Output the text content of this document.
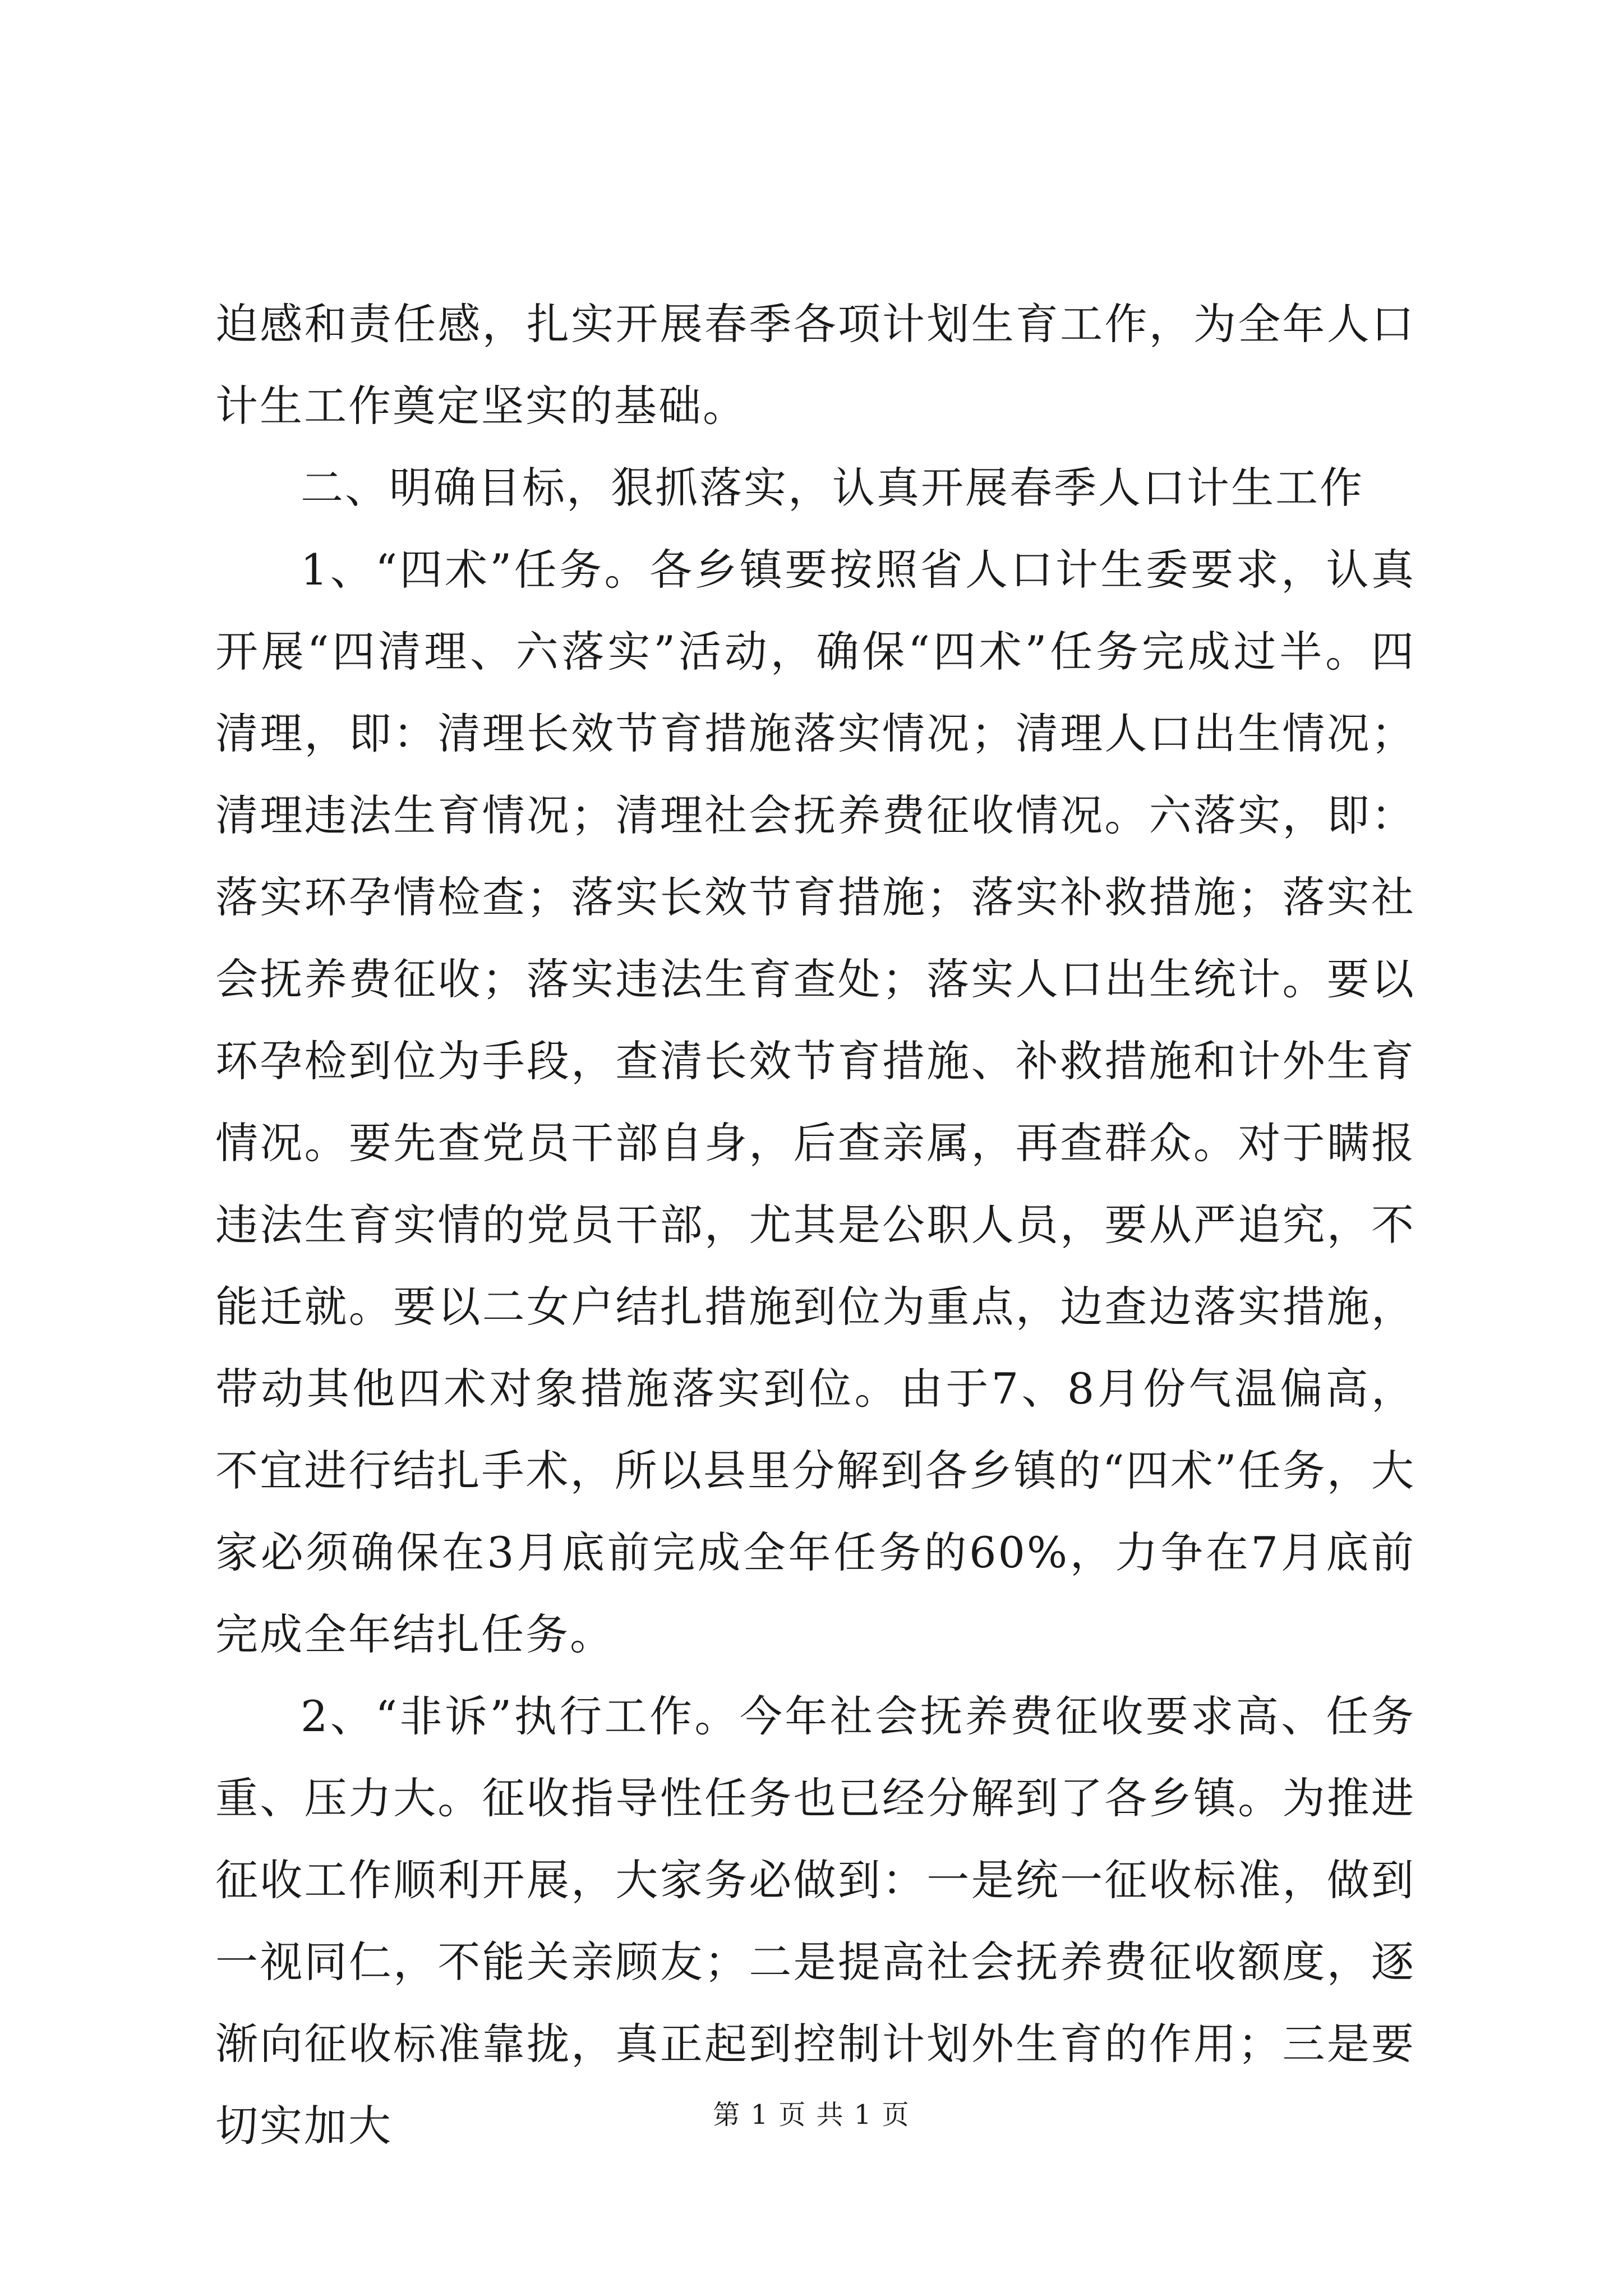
迫感和责任感，扎实开展春季各项计划生育工作，为全年人口计生工作奠定坚实的基础。

二、明确目标，狠抓落实，认真开展春季人口计生工作

1、“四术”任务。各乡镇要按照省人口计生委要求，认真开展“四清理、六落实”活动，确保“四术”任务完成过半。四清理，即：清理长效节育措施落实情况；清理人口出生情况；清理违法生育情况；清理社会抚养费征收情况。六落实，即：落实环孕情检查；落实长效节育措施；落实补救措施；落实社会抚养费征收；落实违法生育查处；落实人口出生统计。要以环孕检到位为手段，查清长效节育措施、补救措施和计外生育情况。要先查党员干部自身，后查亲属，再查群众。对于瞒报违法生育实情的党员干部，尤其是公职人员，要从严追究，不能迁就。要以二女户结扎措施到位为重点，边查边落实措施，带动其他四术对象措施落实到位。由于7、8月份气温偏高，不宜进行结扎手术，所以县里分解到各乡镇的“四术”任务，大家必须确保在3月底前完成全年任务的60%，力争在7月底前完成全年结扎任务。

2、“非诉”执行工作。今年社会抚养费征收要求高、任务重、压力大。征收指导性任务也已经分解到了各乡镇。为推进征收工作顺利开展，大家务必做到：一是统一征收标准，做到一视同仁，不能关亲顾友；二是提高社会抚养费征收额度，逐渐向征收标准靠拢，真正起到控制计划外生育的作用；三是要切实加大	第 1 页 共 1 页
